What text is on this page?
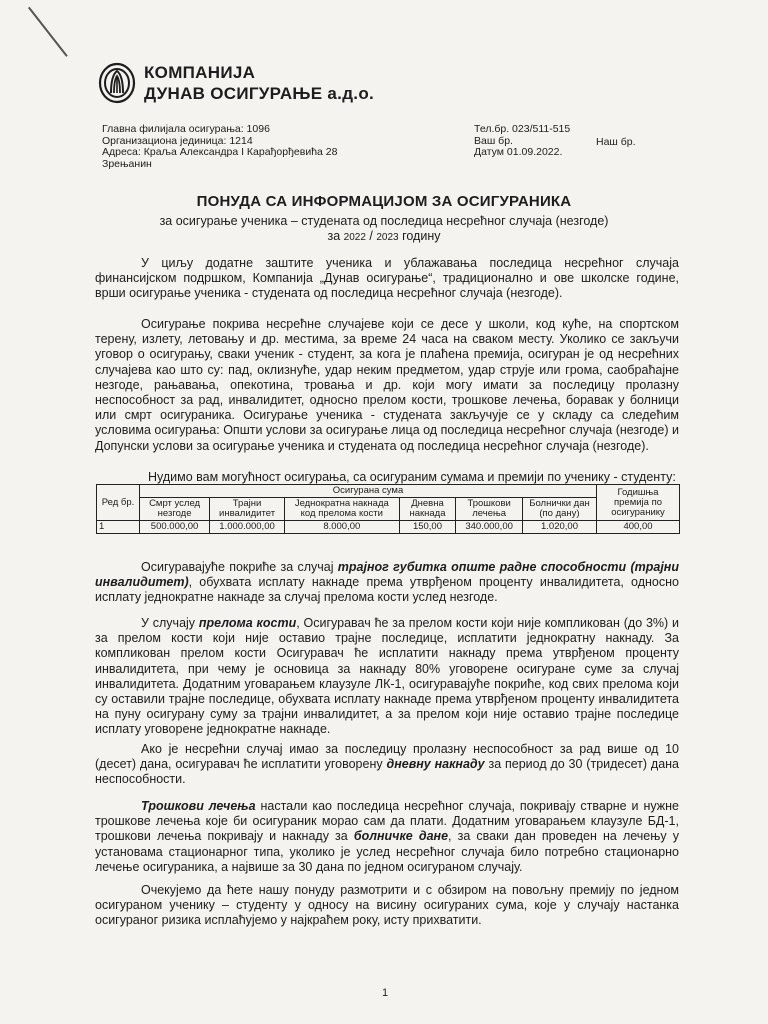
КОМПАНИЈА
ДУНАВ ОСИГУРАЊЕ а.д.о.
Главна филијала осигурања: 1096
Организациона јединица: 1214
Адреса: Краља Александра I Карађорђевића 28
Зрењанин
Тел.бр. 023/511-515
Ваш бр.
Датум 01.09.2022.
Наш бр.
ПОНУДА СА ИНФОРМАЦИЈОМ ЗА ОСИГУРАНИКА
за осигурање ученика – студената од последица несрећног случаја (незгоде)
за 2022 / 2023 годину

У циљу додатне заштите ученика и ублажавања последица несрећног случаја финансијском подршком, Компанија „Дунав осигурање“, традиционално и ове школске године, врши осигурање ученика - студената од последица несрећног случаја (незгоде).

Осигурање покрива несрећне случајеве који се десе у школи, код куће, на спортском терену, излету, летовању и др. местима, за време 24 часа на сваком месту. Уколико се закључи уговор о осигурању, сваки ученик - студент, за кога је плаћена премија, осигуран је од несрећних случајева као што су: пад, оклизнуће, удар неким предметом, удар струје или грома, саобраћајне незгоде, рањавања, опекотина, тровања и др. који могу имати за последицу пролазну неспособност за рад, инвалидитет, односно прелом кости, трошкове лечења, боравак у болници или смрт осигураника. Осигурање ученика - студената закључује се у складу са следећим условима осигурања: Општи услови за осигурање лица од последица несрећног случаја (незгоде) и Допунски услови за осигурање ученика и студената од последица несрећног случаја (незгоде).

Нудимо вам могућност осигурања, са осигураним сумама и премији по ученику - студенту:
Ред бр.	Осигурана сума						Годишња премија по осигуранику
	Смрт услед незгоде	Трајни инвалидитет	Једнократна накнада код прелома кости	Дневна накнада	Трошкови лечења	Болнички дан (по дану)	
1	500.000,00	1.000.000,00	8.000,00	150,00	340.000,00	1.020,00	400,00

Осигуравајуће покриће за случај трајног губитка опште радне способности (трајни инвалидитет), обухвата исплату накнаде према утврђеном проценту инвалидитета, односно исплату једнократне накнаде за случај прелома кости услед незгоде.

У случају прелома кости, Осигуравач ће за прелом кости који није компликован (до 3%) и за прелом кости који није оставио трајне последице, исплатити једнократну накнаду. За компликован прелом кости Осигуравач ће исплатити накнаду према утврђеном проценту инвалидитета, при чему је основица за накнаду 80% уговорене осигуране суме за случај инвалидитета. Додатним уговарањем клаузуле ЛК-1, осигуравајуће покриће, код свих прелома који су оставили трајне последице, обухвата исплату накнаде према утврђеном проценту инвалидитета на пуну осигурану суму за трајни инвалидитет, а за прелом који није оставио трајне последице исплату уговорене једнократне накнаде.

Ако је несрећни случај имао за последицу пролазну неспособност за рад више од 10 (десет) дана, осигуравач ће исплатити уговорену дневну накнаду за период до 30 (тридесет) дана неспособности.

Трошкови лечења настали као последица несрећног случаја, покривају стварне и нужне трошкове лечења које би осигураник морао сам да плати. Додатним уговарањем клаузуле БД-1, трошкови лечења покривају и накнаду за болничке дане, за сваки дан проведен на лечењу у установама стационарног типа, уколико је услед несрећног случаја било потребно стационарно лечење осигураника, а највише за 30 дана по једном осигураном случају.

Очекујемо да ћете нашу понуду размотрити и с обзиром на повољну премију по једном осигураном ученику – студенту у односу на висину осигураних сума, које у случају настанка осигураног ризика исплаћујемо у најкраћем року, исту прихватити.

1
